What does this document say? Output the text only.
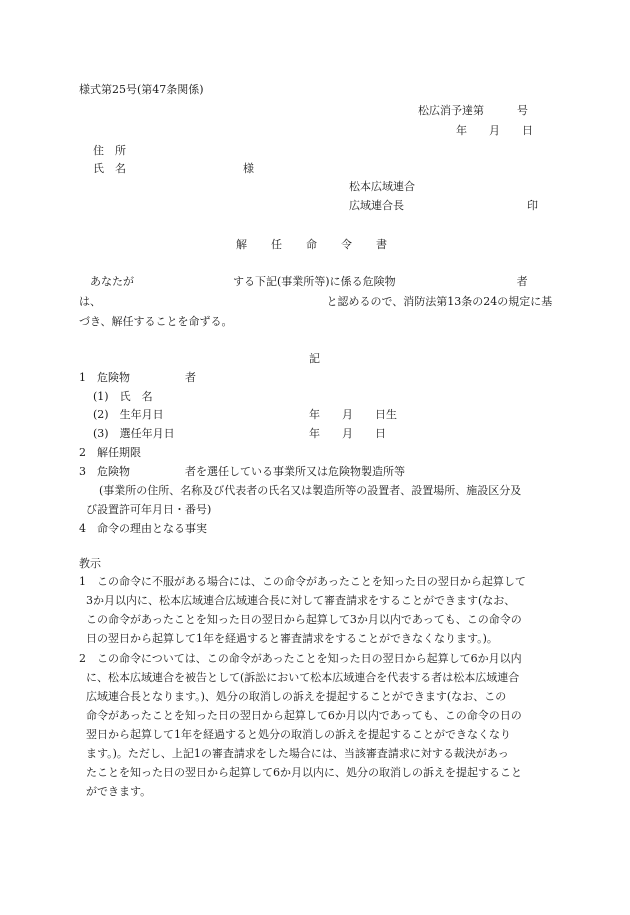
様式第25号(第47条関係)
松広消予達第　　　号
年　　月　　日
住　所
氏　名	様
松本広域連合
広域連合長	印
解 任 命 令 書
　あなたが　　　　　　　　　する下記(事業所等)に係る危険物　　　　　　　　　　　者
は、　　　　　　　　　　　　　　　　　　　　　と認めるので、消防法第13条の24の規定に基
づき、解任することを命ずる。
記
1　危険物　　　　　者
(1)　氏　名
(2)　生年月日	年　　月　　日生
(3)　選任年月日	年　　月　　日
2　解任期限
3　危険物　　　　　者を選任している事業所又は危険物製造所等
(事業所の住所、名称及び代表者の氏名又は製造所等の設置者、設置場所、施設区分及
び設置許可年月日・番号)
4　命令の理由となる事実
教示
1 　この命令に不服がある場合には、この命令があったことを知った日の翌日から起算して
3か月以内に、松本広域連合広域連合長に対して審査請求をすることができます(なお、
この命令があったことを知った日の翌日から起算して3か月以内であっても、この命令の
日の翌日から起算して1年を経過すると審査請求をすることができなくなります。)。
2 　この命令については、この命令があったことを知った日の翌日から起算して6か月以内
に、松本広域連合を被告として(訴訟において松本広域連合を代表する者は松本広域連合
広域連合長となります。)、処分の取消しの訴えを提起することができます(なお、この
命令があったことを知った日の翌日から起算して6か月以内であっても、この命令の日の
翌日から起算して1年を経過すると処分の取消しの訴えを提起することができなくなり
ます。)。ただし、上記1の審査請求をした場合には、当該審査請求に対する裁決があっ
たことを知った日の翌日から起算して6か月以内に、処分の取消しの訴えを提起すること
ができます。
